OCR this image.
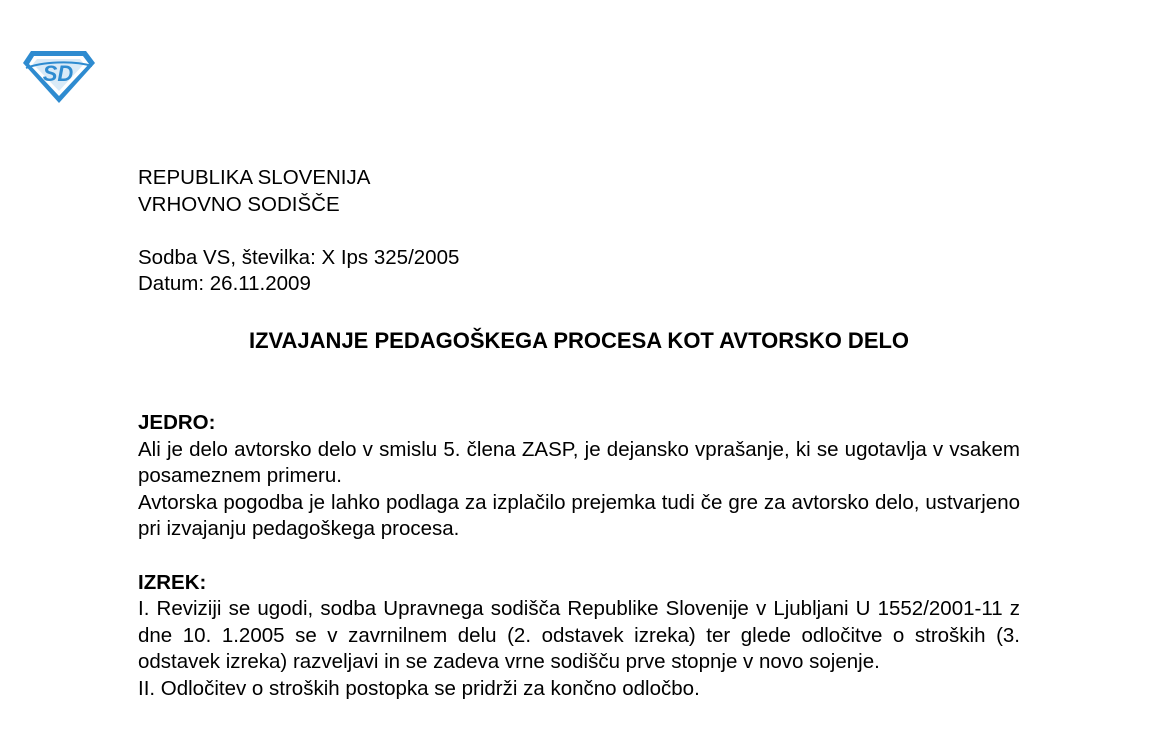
SD

REPUBLIKA SLOVENIJA

VRHOVNO SODIŠČE

Sodba VS, številka: X Ips 325/2005

Datum: 26.11.2009

IZVAJANJE PEDAGOŠKEGA PROCESA KOT AVTORSKO DELO

JEDRO:

Ali je delo avtorsko delo v smislu 5. člena ZASP, je dejansko vprašanje, ki se ugotavlja v vsakem posameznem primeru.

Avtorska pogodba je lahko podlaga za izplačilo prejemka tudi če gre za avtorsko delo, ustvarjeno pri izvajanju pedagoškega procesa.

IZREK:

I. Reviziji se ugodi, sodba Upravnega sodišča Republike Slovenije v Ljubljani U 1552/2001-11 z dne 10. 1.2005 se v zavrnilnem delu (2. odstavek izreka) ter glede odločitve o stroških (3. odstavek izreka) razveljavi in se zadeva vrne sodišču prve stopnje v novo sojenje.

II. Odločitev o stroških postopka se pridrži za končno odločbo.
